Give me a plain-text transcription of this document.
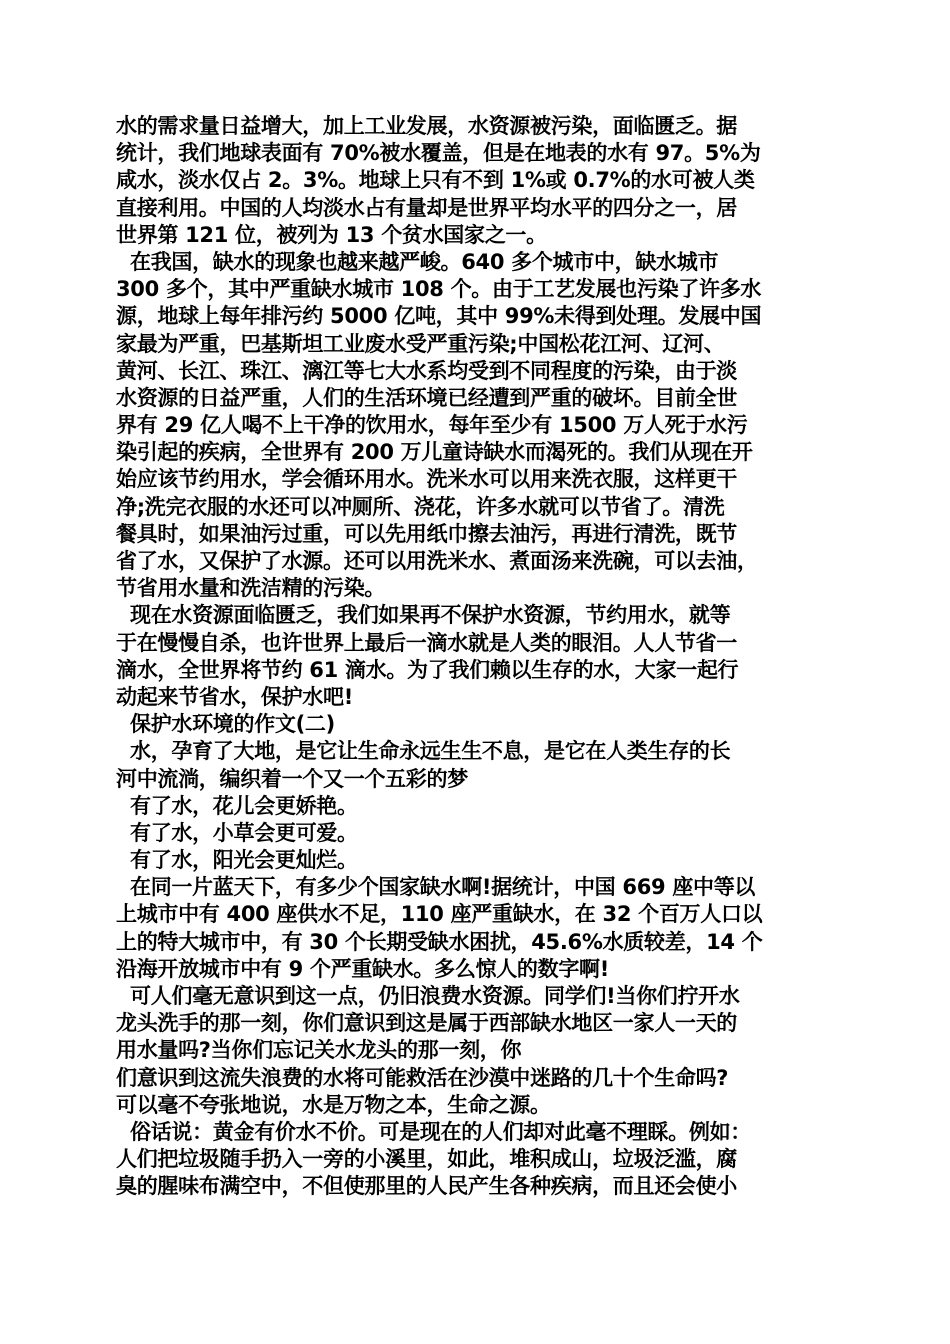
水的需求量日益增大，加上工业发展，水资源被污染，面临匮乏。据
统计，我们地球表面有 70%被水覆盖，但是在地表的水有 97。5%为
咸水，淡水仅占 2。3%。地球上只有不到 1%或 0.7%的水可被人类
直接利用。中国的人均淡水占有量却是世界平均水平的四分之一，居
世界第 121 位，被列为 13 个贫水国家之一。
在我国，缺水的现象也越来越严峻。640 多个城市中，缺水城市
300 多个，其中严重缺水城市 108 个。由于工艺发展也污染了许多水
源，地球上每年排污约 5000 亿吨，其中 99%未得到处理。发展中国
家最为严重，巴基斯坦工业废水受严重污染;中国松花江河、辽河、
黄河、长江、珠江、漓江等七大水系均受到不同程度的污染，由于淡
水资源的日益严重，人们的生活环境已经遭到严重的破坏。目前全世
界有 29 亿人喝不上干净的饮用水，每年至少有 1500 万人死于水污
染引起的疾病，全世界有 200 万儿童诗缺水而渴死的。我们从现在开
始应该节约用水，学会循环用水。洗米水可以用来洗衣服，这样更干
净;洗完衣服的水还可以冲厕所、浇花，许多水就可以节省了。清洗
餐具时，如果油污过重，可以先用纸巾擦去油污，再进行清洗，既节
省了水，又保护了水源。还可以用洗米水、煮面汤来洗碗，可以去油，
节省用水量和洗洁精的污染。
现在水资源面临匮乏，我们如果再不保护水资源，节约用水，就等
于在慢慢自杀，也许世界上最后一滴水就是人类的眼泪。人人节省一
滴水，全世界将节约 61 滴水。为了我们赖以生存的水，大家一起行
动起来节省水，保护水吧!
保护水环境的作文(二)
水，孕育了大地，是它让生命永远生生不息，是它在人类生存的长
河中流淌，编织着一个又一个五彩的梦
有了水，花儿会更娇艳。
有了水，小草会更可爱。
有了水，阳光会更灿烂。
在同一片蓝天下，有多少个国家缺水啊!据统计，中国 669 座中等以
上城市中有 400 座供水不足，110 座严重缺水，在 32 个百万人口以
上的特大城市中，有 30 个长期受缺水困扰，45.6%水质较差，14 个
沿海开放城市中有 9 个严重缺水。多么惊人的数字啊!
可人们毫无意识到这一点，仍旧浪费水资源。同学们!当你们拧开水
龙头洗手的那一刻，你们意识到这是属于西部缺水地区一家人一天的
用水量吗?当你们忘记关水龙头的那一刻，你
们意识到这流失浪费的水将可能救活在沙漠中迷路的几十个生命吗?
可以毫不夸张地说，水是万物之本，生命之源。
俗话说：黄金有价水不价。可是现在的人们却对此毫不理睬。例如：
人们把垃圾随手扔入一旁的小溪里，如此，堆积成山，垃圾泛滥，腐
臭的腥味布满空中，不但使那里的人民产生各种疾病，而且还会使小
